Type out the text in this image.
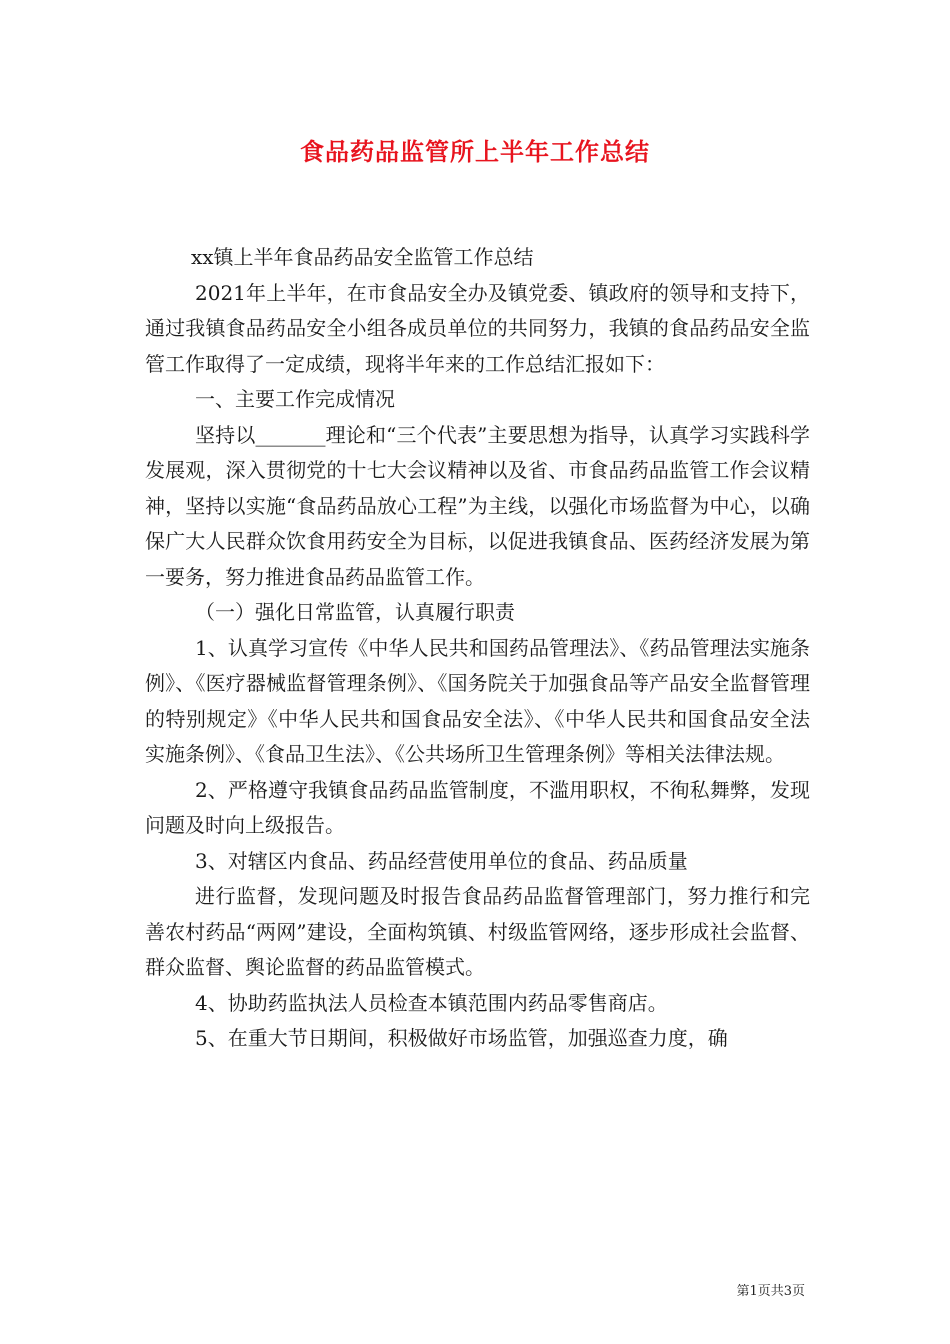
食品药品监管所上半年工作总结

xx镇上半年食品药品安全监管工作总结

2021年上半年，在市食品安全办及镇党委、镇政府的领导和支持下，通过我镇食品药品安全小组各成员单位的共同努力，我镇的食品药品安全监管工作取得了一定成绩，现将半年来的工作总结汇报如下：

一、主要工作完成情况

坚持以_______理论和“三个代表”主要思想为指导，认真学习实践科学发展观，深入贯彻党的十七大会议精神以及省、市食品药品监管工作会议精神，坚持以实施“食品药品放心工程”为主线，以强化市场监督为中心，以确保广大人民群众饮食用药安全为目标，以促进我镇食品、医药经济发展为第一要务，努力推进食品药品监管工作。

（一）强化日常监管，认真履行职责

1、认真学习宣传《中华人民共和国药品管理法》、《药品管理法实施条例》、《医疗器械监督管理条例》、《国务院关于加强食品等产品安全监督管理的特别规定》《中华人民共和国食品安全法》、《中华人民共和国食品安全法实施条例》、《食品卫生法》、《公共场所卫生管理条例》等相关法律法规。

2、严格遵守我镇食品药品监管制度，不滥用职权，不徇私舞弊，发现问题及时向上级报告。

3、对辖区内食品、药品经营使用单位的食品、药品质量

进行监督，发现问题及时报告食品药品监督管理部门，努力推行和完善农村药品“两网”建设，全面构筑镇、村级监管网络，逐步形成社会监督、群众监督、舆论监督的药品监管模式。

4、协助药监执法人员检查本镇范围内药品零售商店。

5、在重大节日期间，积极做好市场监管，加强巡查力度，确

第1页共3页
